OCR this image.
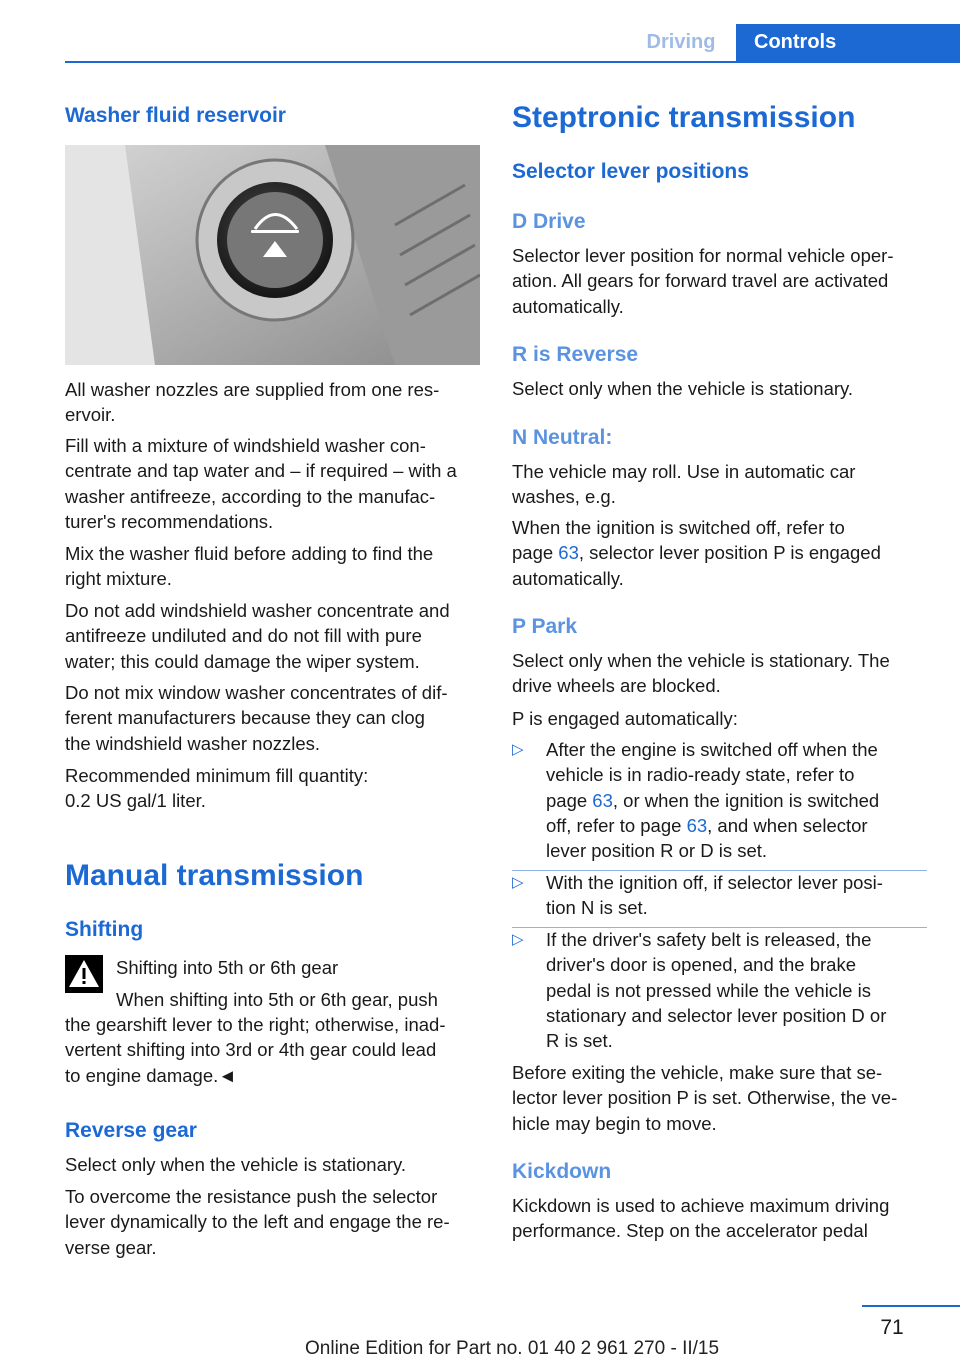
Driving	Controls
Washer fluid reservoir

All washer nozzles are supplied from one res-
ervoir.

Fill with a mixture of windshield washer con-
centrate and tap water and – if required – with a
washer antifreeze, according to the manufac-
turer's recommendations.

Mix the washer fluid before adding to find the
right mixture.

Do not add windshield washer concentrate and
antifreeze undiluted and do not fill with pure
water; this could damage the wiper system.

Do not mix window washer concentrates of dif-
ferent manufacturers because they can clog
the windshield washer nozzles.

Recommended minimum fill quantity:
0.2 US gal/1 liter.

Manual transmission
Shifting
Shifting into 5th or 6th gear
When shifting into 5th or 6th gear, push
the gearshift lever to the right; otherwise, inad-
vertent shifting into 3rd or 4th gear could lead
to engine damage.◄
Reverse gear

Select only when the vehicle is stationary.

To overcome the resistance push the selector
lever dynamically to the left and engage the re-
verse gear.

Steptronic transmission
Selector lever positions
D Drive

Selector lever position for normal vehicle oper-
ation. All gears for forward travel are activated
automatically.

R is Reverse

Select only when the vehicle is stationary.

N Neutral:

The vehicle may roll. Use in automatic car
washes, e.g.

When the ignition is switched off, refer to
page 63, selector lever position P is engaged
automatically.

P Park

Select only when the vehicle is stationary. The
drive wheels are blocked.

P is engaged automatically:

▷ After the engine is switched off when the
vehicle is in radio-ready state, refer to
page 63, or when the ignition is switched
off, refer to page 63, and when selector
lever position R or D is set.
▷ With the ignition off, if selector lever posi-
tion N is set.
▷ If the driver's safety belt is released, the
driver's door is opened, and the brake
pedal is not pressed while the vehicle is
stationary and selector lever position D or
R is set.

Before exiting the vehicle, make sure that se-
lector lever position P is set. Otherwise, the ve-
hicle may begin to move.

Kickdown

Kickdown is used to achieve maximum driving
performance. Step on the accelerator pedal

71
Online Edition for Part no. 01 40 2 961 270 - II/15
